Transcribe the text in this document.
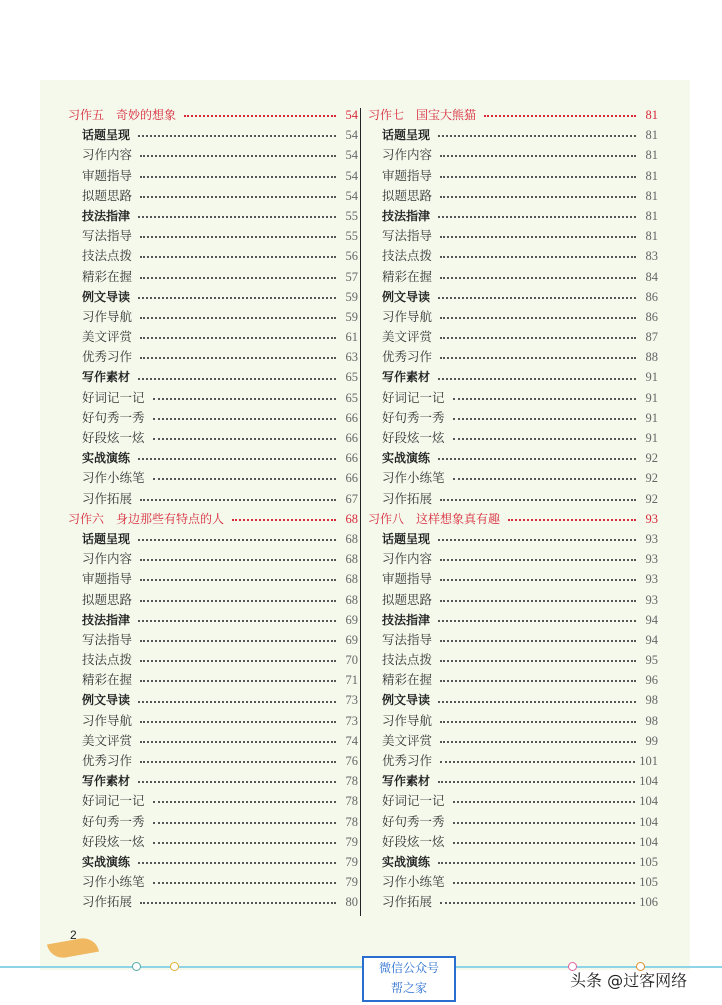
习作五　奇妙的想象	54
话题呈现	54
习作内容	54
审题指导	54
拟题思路	54
技法指津	55
写法指导	55
技法点拨	56
精彩在握	57
例文导读	59
习作导航	59
美文评赏	61
优秀习作	63
写作素材	65
好词记一记	65
好句秀一秀	66
好段炫一炫	66
实战演练	66
习作小练笔	66
习作拓展	67
习作六　身边那些有特点的人	68
话题呈现	68
习作内容	68
审题指导	68
拟题思路	68
技法指津	69
写法指导	69
技法点拨	70
精彩在握	71
例文导读	73
习作导航	73
美文评赏	74
优秀习作	76
写作素材	78
好词记一记	78
好句秀一秀	78
好段炫一炫	79
实战演练	79
习作小练笔	79
习作拓展	80
习作七　国宝大熊猫	81
话题呈现	81
习作内容	81
审题指导	81
拟题思路	81
技法指津	81
写法指导	81
技法点拨	83
精彩在握	84
例文导读	86
习作导航	86
美文评赏	87
优秀习作	88
写作素材	91
好词记一记	91
好句秀一秀	91
好段炫一炫	91
实战演练	92
习作小练笔	92
习作拓展	92
习作八　这样想象真有趣	93
话题呈现	93
习作内容	93
审题指导	93
拟题思路	93
技法指津	94
写法指导	94
技法点拨	95
精彩在握	96
例文导读	98
习作导航	98
美文评赏	99
优秀习作	101
写作素材	104
好词记一记	104
好句秀一秀	104
好段炫一炫	104
实战演练	105
习作小练笔	105
习作拓展	106
2
微信公众号
帮之家	头条 @过客网络
